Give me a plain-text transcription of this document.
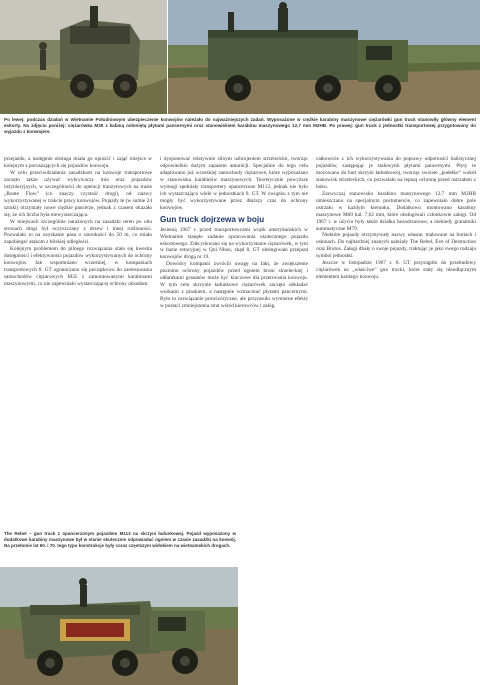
Po lewej: podczas działań w Wietnamie Południowym ubezpieczenie konwojów należało do najważniejszych zadań. Wyposażone w ciężkie karabiny maszynowe ciężarówki gun truck stanowiły główny element eskorty. Na zdjęciu poniżej: ciężarówka M35 z kabiną osłoniętą płytami pancernymi oraz stanowiskiem karabinu maszynowego 12,7 mm M2HB. Po prawej: gun truck z jednostki transportowej przygotowany do wyjazdu z konwojem.

przejazdu, a następnie obsługa miała go opuścić i zająć miejsce w kolejnym z poruszających się pojazdów konwoju.

W celu przeciwdziałania zasadzkom na konwoje transportowe zaczęto także używać wykrywaczy min oraz pojazdów inżynieryjnych, w szczególności do operacji tranzytowych na trasie „Route Flow” (co znaczy czystość drogi), od nazwy wykorzystywanej w trakcie pracy konwojów. Pojazdy te (w sumie 24 sztuki) otrzymały nowe ciężkie pancerze, jednak z czasem okazało się, że ich liczba była niewystarczająca.

W miejscach szczególnie narażonych na zasadzki teren po obu stronach drogi był oczyszczany z drzew i innej roślinności. Pozwalało to na uzyskanie pasa o szerokości do 50 m, co miało zapobiegać atakom z bliskiej odległości.

Kolejnym problemem do pilnego rozwiązania stała się kwestia dostępności i efektywności pojazdów wykorzystywanych do ochrony konwojów. Jak wspomniano wcześniej, w kompaniach transportowych 8. GT ograniczano się początkowo do zastosowania samochodów ciężarowych M35 z zamontowanymi karabinami maszynowymi, co nie zapewniało wystarczającej ochrony obsadom.

i dysponować relatywnie silnym uzbrojeniem strzeleckim, tworząc odpowiednio dużym zapasem amunicji. Specjalnie do tego celu adaptowano już wcześniej samochody ciężarowe, które wyposażano w stanowiska karabinów maszynowych. Teoretycznie powyższe wymogi spełniały transportery opancerzone M113, jednak nie było ich wystarczająco wiele w jednostkach 8. GT. W związku z tym nie mogły być wykorzystywane przez dłuższy czas do ochrony konwojów.

Gun truck dojrzewa w boju

Jesienią 1967 r. przed transportowcami wojsk amerykańskich w Wietnamie stanęło zadanie opracowania skutecznego pojazdu eskortowego. Zdecydowano się na wykorzystanie ciężarówek, w tym w bazie rotacyjnej w Qui Nhon, skąd 8. GT obsługiwało przejazd konwojów drogą nr 19.

Dowódcy kompanii zwrócili uwagę na fakt, że zwiększenie poziomu ochrony pojazdów przed ogniem broni strzeleckiej i odłamkami granatów może być kluczowe dla przetrwania konwoju. W tym celu skrzynie ładunkowe ciężarówek zaczęto obkładać workami z piaskiem, a następnie wzmacniać płytami pancernymi. Było to rozwiązanie prowizoryczne, ale przynosiło wymierne efekty w postaci zmniejszenia strat wśród kierowców i załóg.

całkowicie z ich wykorzystywania do poprawy odporności balistycznej pojazdów, zastępując je stalowymi płytami pancernymi. Płyty te mocowano do burt skrzyni ładunkowej, tworząc swoiste „pudełko” wokół stanowisk strzeleckich, co pozwalało na lepszą ochronę przed ostrzałem z boku.

Zazwyczaj stanowisko karabinu maszynowego 12,7 mm M2HB umieszczano na specjalnym postumencie, co zapewniało dobre pole ostrzału w każdym kierunku. Dodatkowo montowano karabiny maszynowe M60 kal. 7,62 mm, które obsługiwali członkowie załogi. Od 1967 r. w użyciu były także działka bezodrzutowe, a niekiedy granatniki automatyczne M79.

Niektóre pojazdy otrzymywały nazwy własne, malowane na burtach i osłonach. Do najbardziej znanych należały The Rebel, Eve of Destruction oraz Brutus. Załogi dbały o swoje pojazdy, traktując je jako swego rodzaju symbol jednostki.

Jeszcze w listopadzie 1967 r. 8. GT przystąpiło do przebudowy ciężarówek na „właściwe” gun trucki, które stały się nieodłącznym elementem każdego konwoju.

The Rebel – gun truck z opancerzonym pojazdem M113 na skrzyni ładunkowej. Pojazd wyposażony w dodatkowe karabiny maszynowe był w stanie skutecznie odpowiadać ogniem w czasie zasadzki na konwój. Na przełomie lat 60. i 70. tego typu konstrukcje były coraz częstszym widokiem na wietnamskich drogach.
